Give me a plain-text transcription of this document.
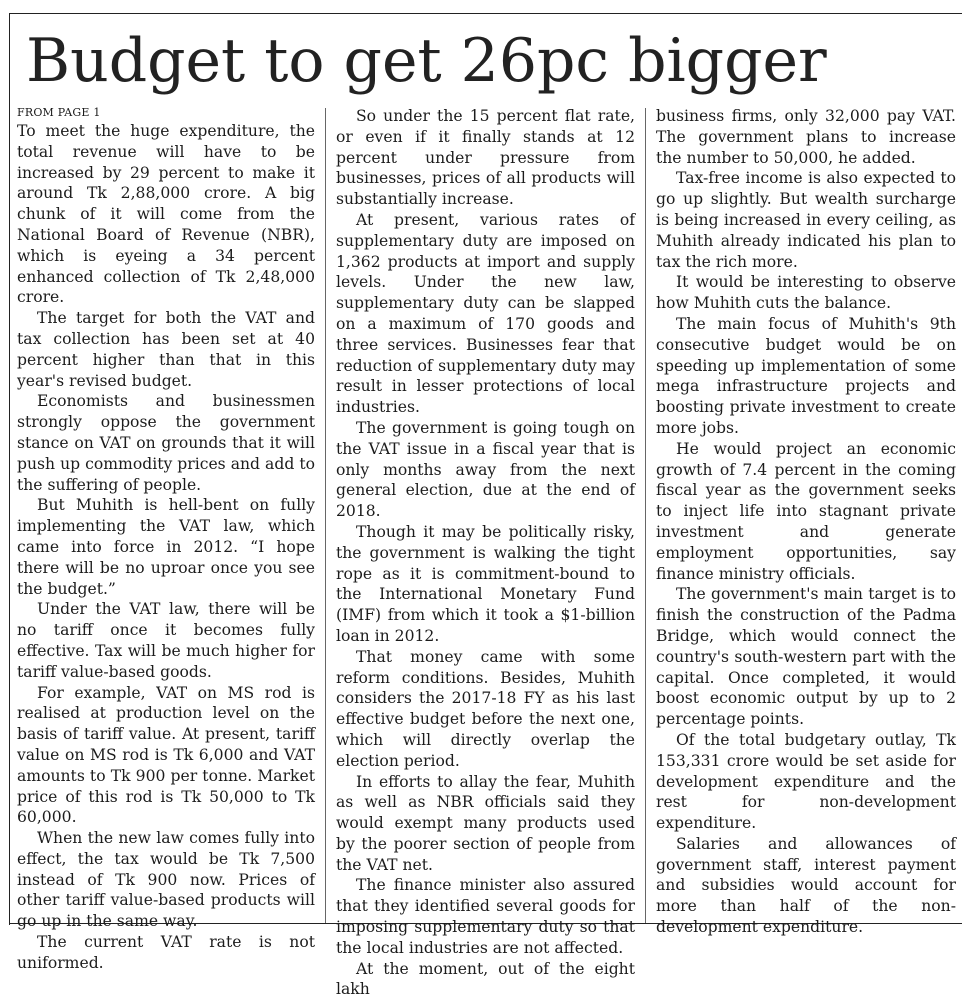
Budget to get 26pc bigger
FROM PAGE 1

To meet the huge expenditure, the total revenue will have to be increased by 29 percent to make it around Tk 2,88,000 crore. A big chunk of it will come from the National Board of Revenue (NBR), which is eyeing a 34 percent enhanced collection of Tk 2,48,000 crore.

The target for both the VAT and tax collection has been set at 40 percent higher than that in this year's revised budget.

Economists and businessmen strongly oppose the government stance on VAT on grounds that it will push up commodity prices and add to the suffering of people.

But Muhith is hell-bent on fully implementing the VAT law, which came into force in 2012. “I hope there will be no uproar once you see the budget.”

Under the VAT law, there will be no tariff once it becomes fully effective. Tax will be much higher for tariff value-based goods.

For example, VAT on MS rod is realised at production level on the basis of tariff value. At present, tariff value on MS rod is Tk 6,000 and VAT amounts to Tk 900 per tonne. Market price of this rod is Tk 50,000 to Tk 60,000.

When the new law comes fully into effect, the tax would be Tk 7,500 instead of Tk 900 now. Prices of other tariff value-based products will go up in the same way.

The current VAT rate is not uniformed.

So under the 15 percent flat rate, or even if it finally stands at 12 percent under pressure from businesses, prices of all products will substantially increase.

At present, various rates of supplementary duty are imposed on 1,362 products at import and supply levels. Under the new law, supplementary duty can be slapped on a maximum of 170 goods and three services. Businesses fear that reduction of supplementary duty may result in lesser protections of local industries.

The government is going tough on the VAT issue in a fiscal year that is only months away from the next general election, due at the end of 2018.

Though it may be politically risky, the government is walking the tight rope as it is commitment-bound to the International Monetary Fund (IMF) from which it took a $1-billion loan in 2012.

That money came with some reform conditions. Besides, Muhith considers the 2017-18 FY as his last effective budget before the next one, which will directly overlap the election period.

In efforts to allay the fear, Muhith as well as NBR officials said they would exempt many products used by the poorer section of people from the VAT net.

The finance minister also assured that they identified several goods for imposing supplementary duty so that the local industries are not affected.

At the moment, out of the eight lakh

business firms, only 32,000 pay VAT. The government plans to increase the number to 50,000, he added.

Tax-free income is also expected to go up slightly. But wealth surcharge is being increased in every ceiling, as Muhith already indicated his plan to tax the rich more.

It would be interesting to observe how Muhith cuts the balance.

The main focus of Muhith's 9th consecutive budget would be on speeding up implementation of some mega infrastructure projects and boosting private investment to create more jobs.

He would project an economic growth of 7.4 percent in the coming fiscal year as the government seeks to inject life into stagnant private investment and generate employment opportunities, say finance ministry officials.

The government's main target is to finish the construction of the Padma Bridge, which would connect the country's south-western part with the capital. Once completed, it would boost economic output by up to 2 percentage points.

Of the total budgetary outlay, Tk 153,331 crore would be set aside for development expenditure and the rest for non-development expenditure.

Salaries and allowances of government staff, interest payment and subsidies would account for more than half of the non-development expenditure.
